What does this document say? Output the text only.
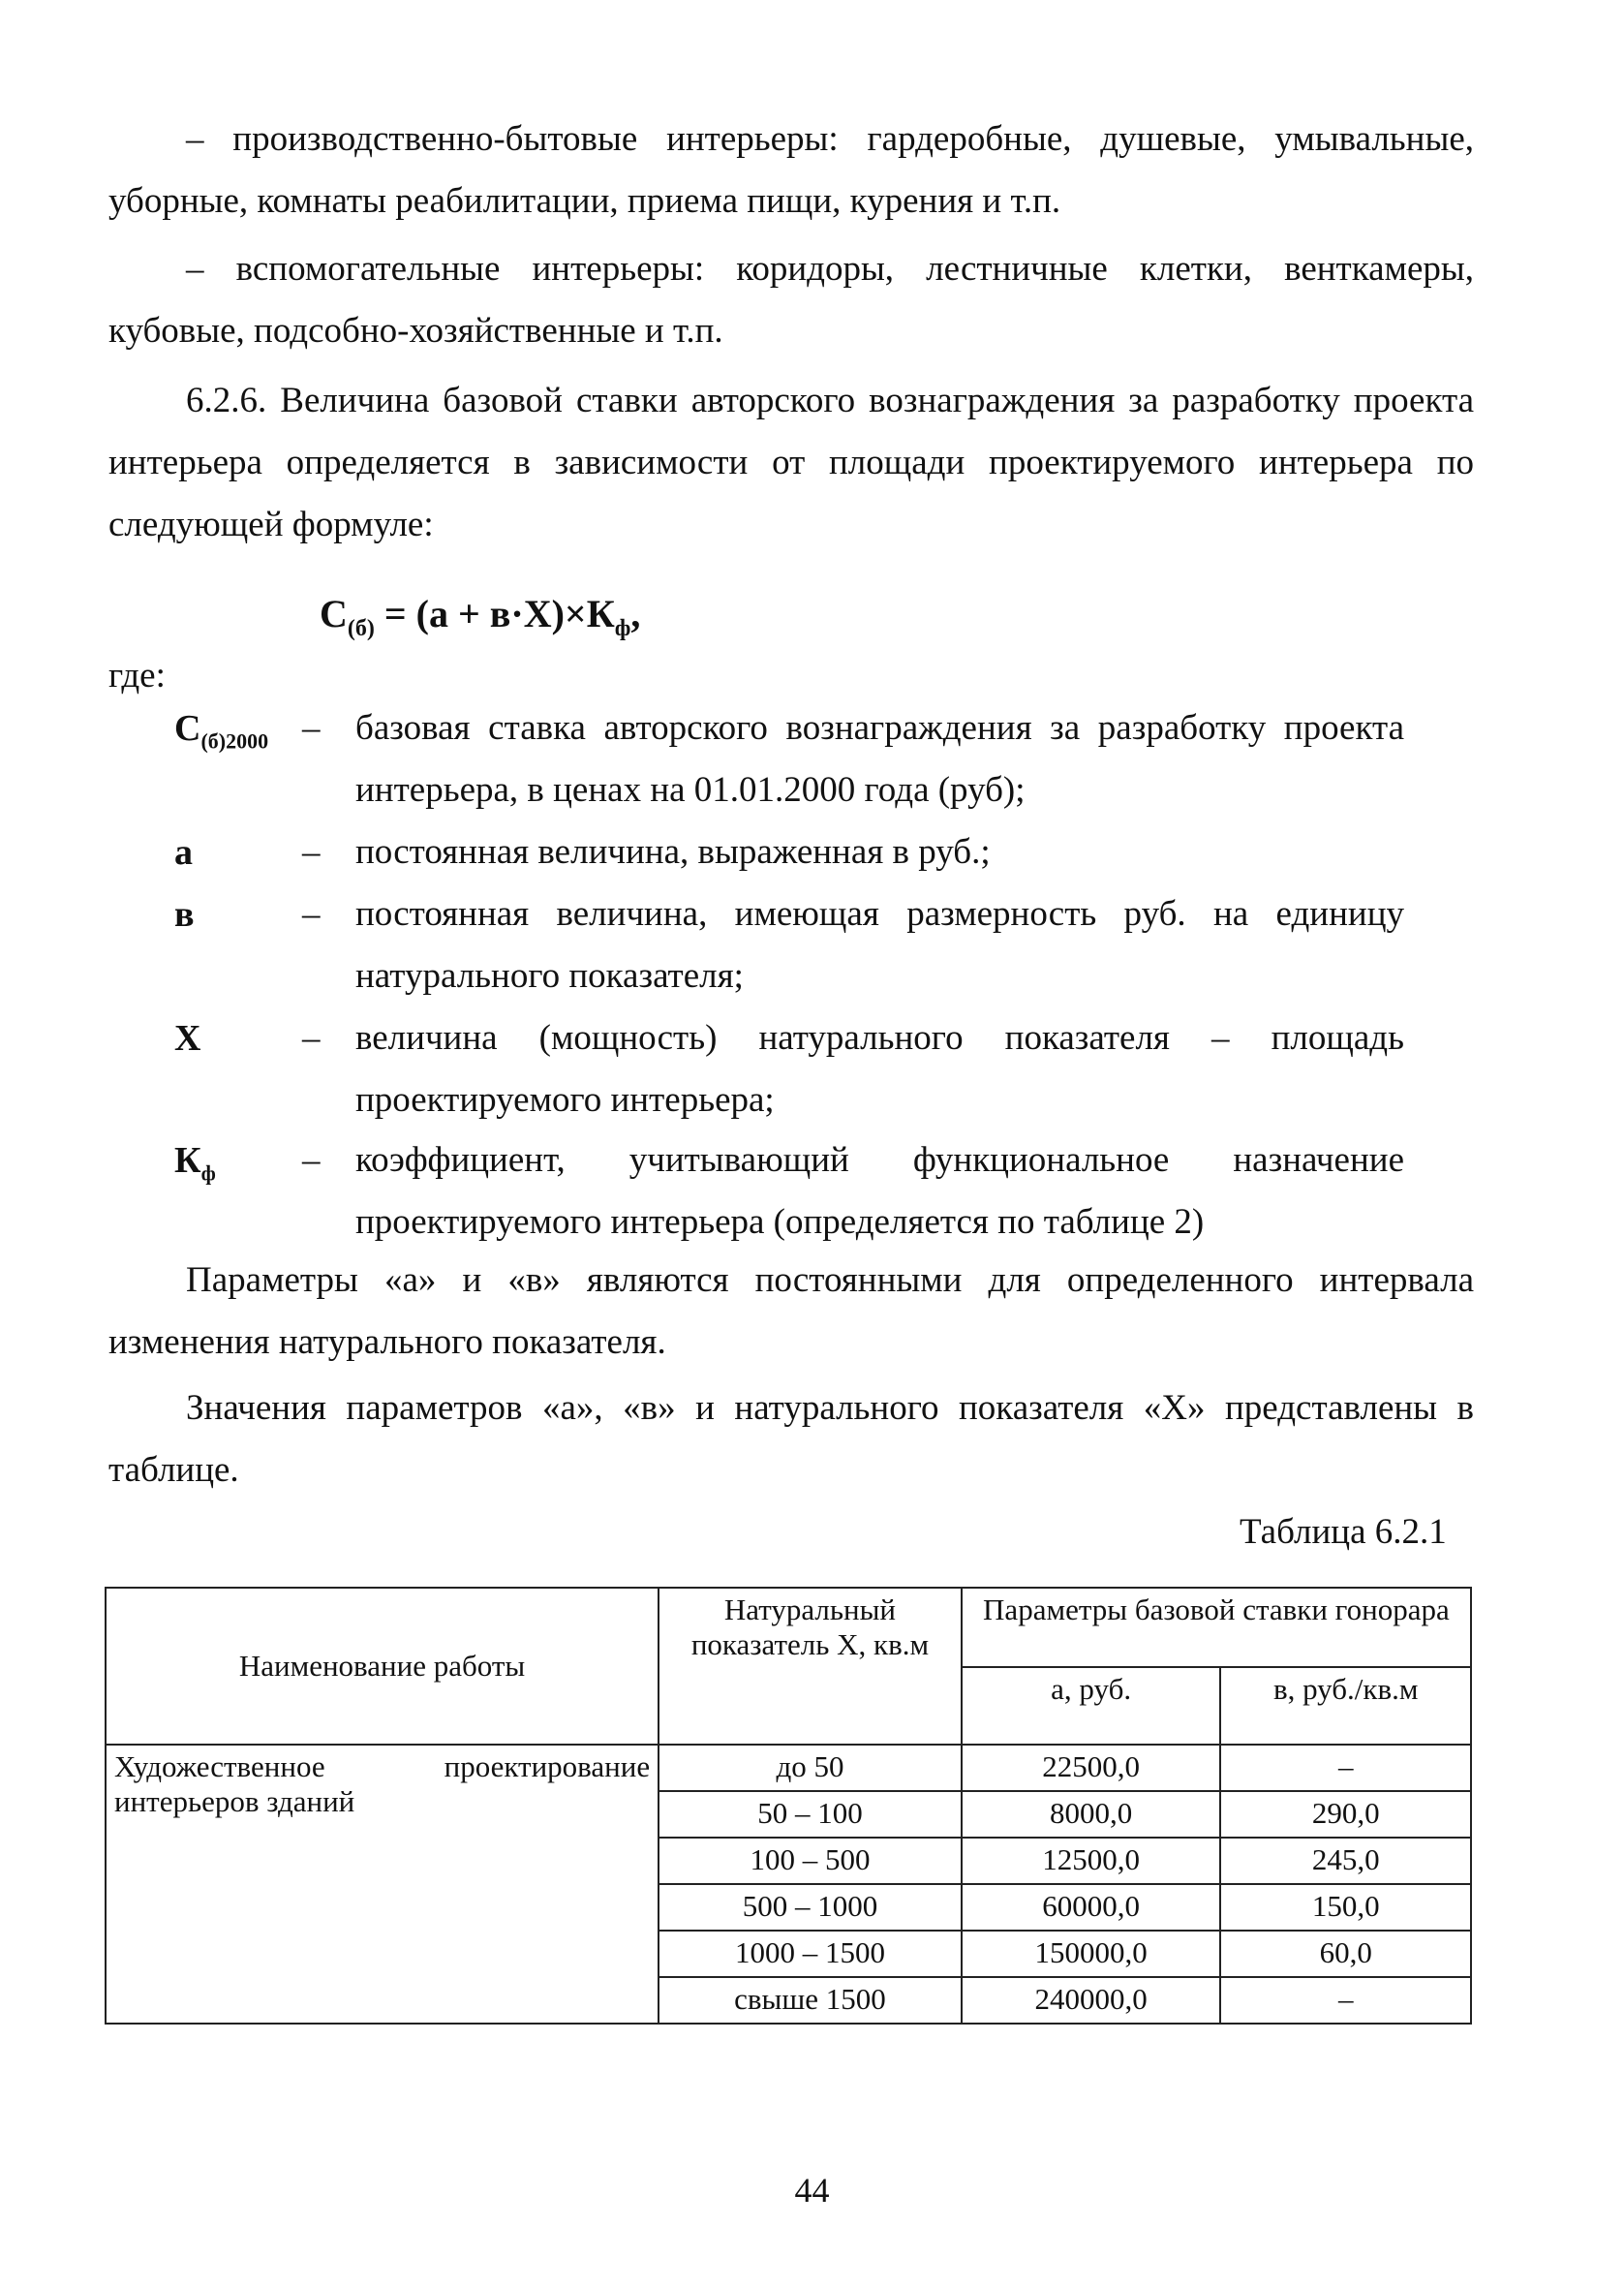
– производственно-бытовые интерьеры: гардеробные, душевые, умывальные, уборные, комнаты реабилитации, приема пищи, курения и т.п.
– вспомогательные интерьеры: коридоры, лестничные клетки, венткамеры, кубовые, подсобно-хозяйственные и т.п.
6.2.6. Величина базовой ставки авторского вознаграждения за разработку проекта интерьера определяется в зависимости от площади проектируемого интерьера по следующей формуле:
$C_{(б)} = (а + в\cdot Х)\times К_ф$,
где:
$C_{(б)2000}$ – базовая ставка авторского вознаграждения за разработку проекта интерьера, в ценах на 01.01.2000 года (руб);
а	– постоянная величина, выраженная в руб.;
в	– постоянная величина, имеющая размерность руб. на единицу натурального показателя;
Х	– величина (мощность) натурального показателя – площадь проектируемого интерьера;
$К_ф$ – коэффициент, учитывающий функциональное назначение проектируемого интерьера (определяется по таблице 2)
Параметры «а» и «в» являются постоянными для определенного интервала изменения натурального показателя.
Значения параметров «а», «в» и натурального показателя «Х» представлены в таблице.
Таблица 6.2.1
Наименование работы	Натуральный показатель Х, кв.м	Параметры базовой ставки гонорара	
		а, руб.	в, руб./кв.м
Художественное проектирование интерьеров зданий	до 50	22500,0	–
	50 – 100	8000,0	290,0
	100 – 500	12500,0	245,0
	500 – 1000	60000,0	150,0
	1000 – 1500	150000,0	60,0
	свыше 1500	240000,0	–
44
